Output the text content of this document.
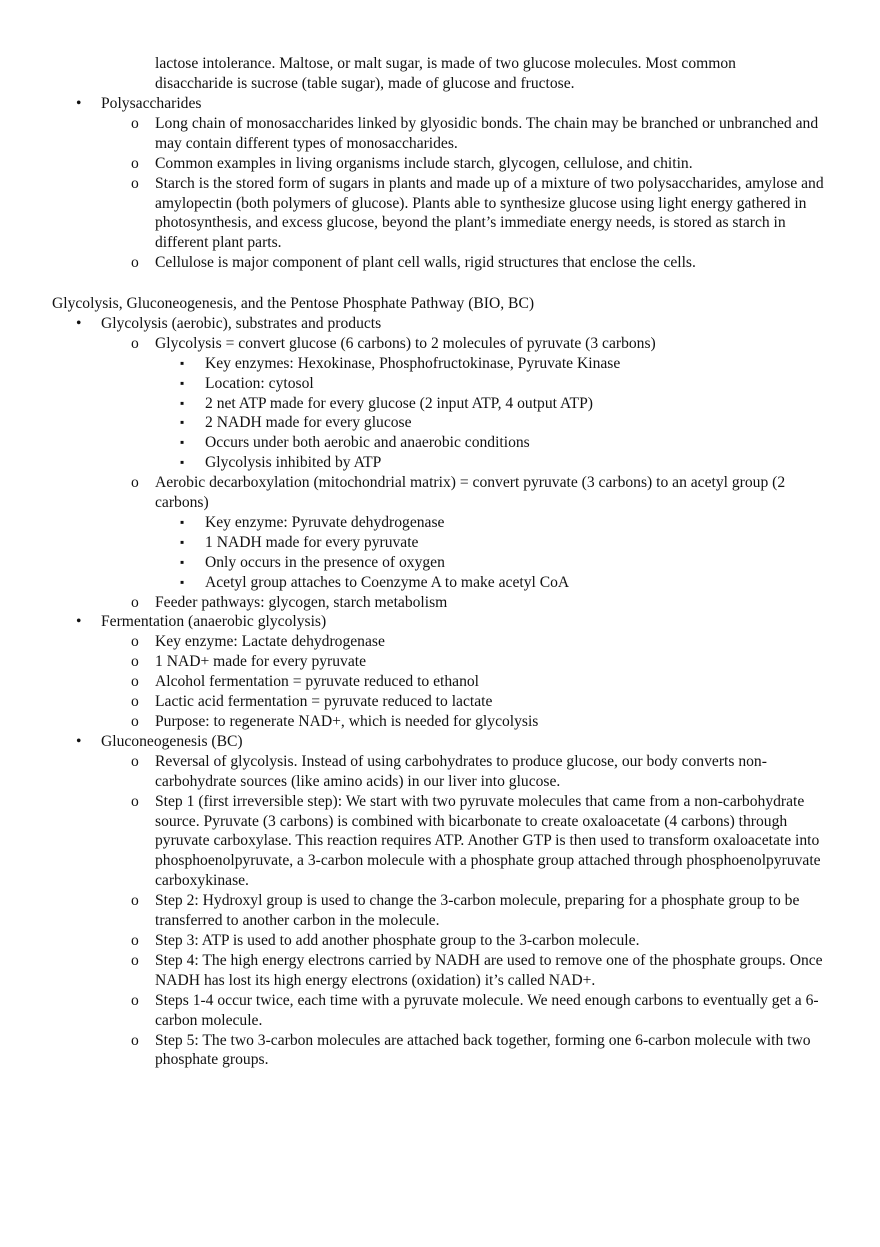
lactose intolerance. Maltose, or malt sugar, is made of two glucose molecules. Most common
disaccharide is sucrose (table sugar), made of glucose and fructose.
• Polysaccharides
o Long chain of monosaccharides linked by glyosidic bonds. The chain may be branched or unbranched and may contain different types of monosaccharides.
o Common examples in living organisms include starch, glycogen, cellulose, and chitin.
o Starch is the stored form of sugars in plants and made up of a mixture of two polysaccharides, amylose and amylopectin (both polymers of glucose). Plants able to synthesize glucose using light energy gathered in photosynthesis, and excess glucose, beyond the plant’s immediate energy needs, is stored as starch in different plant parts.
o Cellulose is major component of plant cell walls, rigid structures that enclose the cells.
Glycolysis, Gluconeogenesis, and the Pentose Phosphate Pathway (BIO, BC)
• Glycolysis (aerobic), substrates and products
o Glycolysis = convert glucose (6 carbons) to 2 molecules of pyruvate (3 carbons)
▪ Key enzymes: Hexokinase, Phosphofructokinase, Pyruvate Kinase
▪ Location: cytosol
▪ 2 net ATP made for every glucose (2 input ATP, 4 output ATP)
▪ 2 NADH made for every glucose
▪ Occurs under both aerobic and anaerobic conditions
▪ Glycolysis inhibited by ATP
o Aerobic decarboxylation (mitochondrial matrix) = convert pyruvate (3 carbons) to an acetyl group (2 carbons)
▪ Key enzyme: Pyruvate dehydrogenase
▪ 1 NADH made for every pyruvate
▪ Only occurs in the presence of oxygen
▪ Acetyl group attaches to Coenzyme A to make acetyl CoA
o Feeder pathways: glycogen, starch metabolism
• Fermentation (anaerobic glycolysis)
o Key enzyme: Lactate dehydrogenase
o 1 NAD+ made for every pyruvate
o Alcohol fermentation = pyruvate reduced to ethanol
o Lactic acid fermentation = pyruvate reduced to lactate
o Purpose: to regenerate NAD+, which is needed for glycolysis
• Gluconeogenesis (BC)
o Reversal of glycolysis. Instead of using carbohydrates to produce glucose, our body converts non-carbohydrate sources (like amino acids) in our liver into glucose.
o Step 1 (first irreversible step): We start with two pyruvate molecules that came from a non-carbohydrate source. Pyruvate (3 carbons) is combined with bicarbonate to create oxaloacetate (4 carbons) through pyruvate carboxylase. This reaction requires ATP. Another GTP is then used to transform oxaloacetate into phosphoenolpyruvate, a 3-carbon molecule with a phosphate group attached through phosphoenolpyruvate carboxykinase.
o Step 2: Hydroxyl group is used to change the 3-carbon molecule, preparing for a phosphate group to be transferred to another carbon in the molecule.
o Step 3: ATP is used to add another phosphate group to the 3-carbon molecule.
o Step 4: The high energy electrons carried by NADH are used to remove one of the phosphate groups. Once NADH has lost its high energy electrons (oxidation) it’s called NAD+.
o Steps 1-4 occur twice, each time with a pyruvate molecule. We need enough carbons to eventually get a 6-carbon molecule.
o Step 5: The two 3-carbon molecules are attached back together, forming one 6-carbon molecule with two phosphate groups.
